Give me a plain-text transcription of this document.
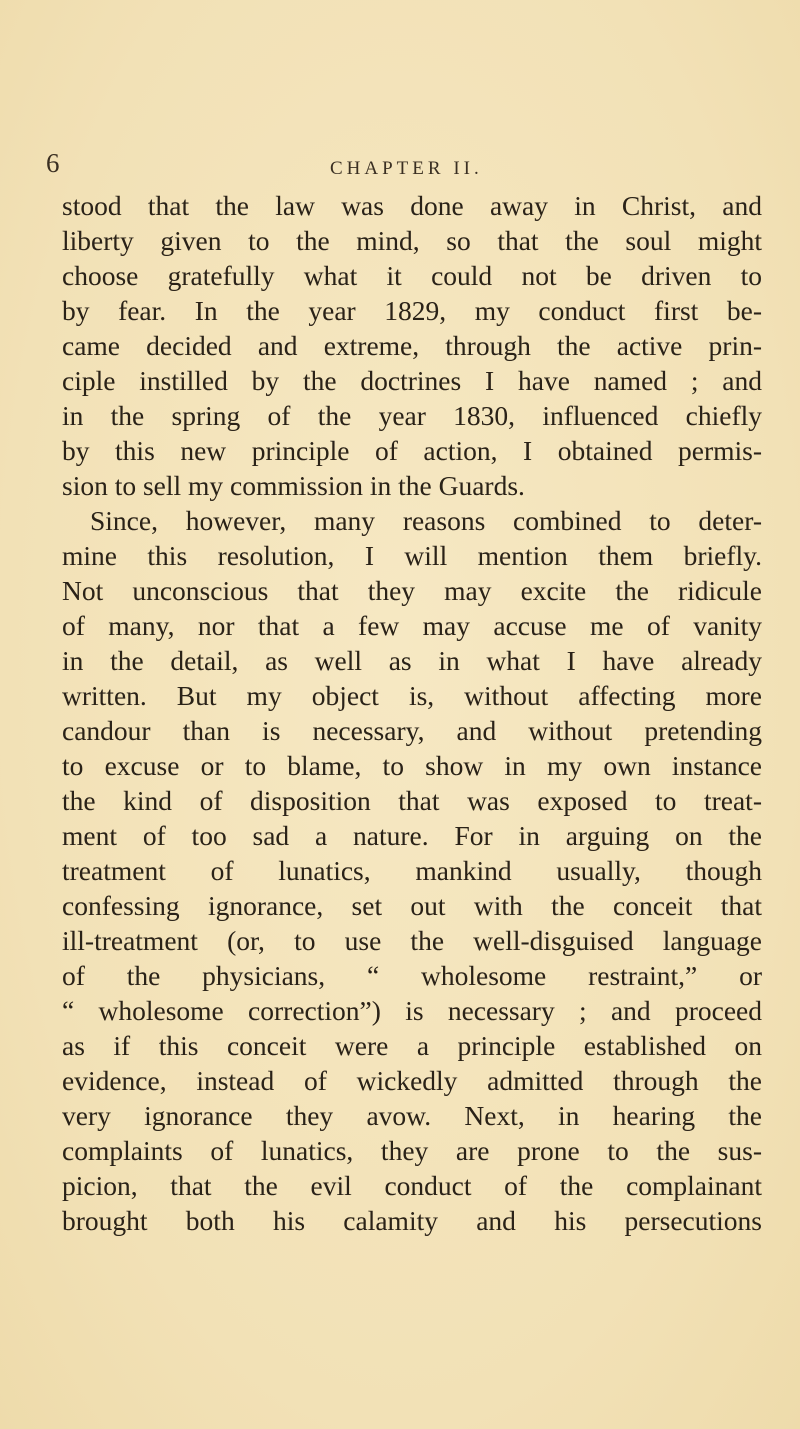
6	CHAPTER II.
stood that the law was done away in Christ, and
liberty given to the mind, so that the soul might
choose gratefully what it could not be driven to
by fear. In the year 1829, my conduct first be-
came decided and extreme, through the active prin-
ciple instilled by the doctrines I have named ; and
in the spring of the year 1830, influenced chiefly
by this new principle of action, I obtained permis-
sion to sell my commission in the Guards.
Since, however, many reasons combined to deter-
mine this resolution, I will mention them briefly.
Not unconscious that they may excite the ridicule
of many, nor that a few may accuse me of vanity
in the detail, as well as in what I have already
written. But my object is, without affecting more
candour than is necessary, and without pretending
to excuse or to blame, to show in my own instance
the kind of disposition that was exposed to treat-
ment of too sad a nature. For in arguing on the
treatment of lunatics, mankind usually, though
confessing ignorance, set out with the conceit that
ill-treatment (or, to use the well-disguised language
of the physicians, “ wholesome restraint,” or
“ wholesome correction”) is necessary ; and proceed
as if this conceit were a principle established on
evidence, instead of wickedly admitted through the
very ignorance they avow. Next, in hearing the
complaints of lunatics, they are prone to the sus-
picion, that the evil conduct of the complainant
brought both his calamity and his persecutions
